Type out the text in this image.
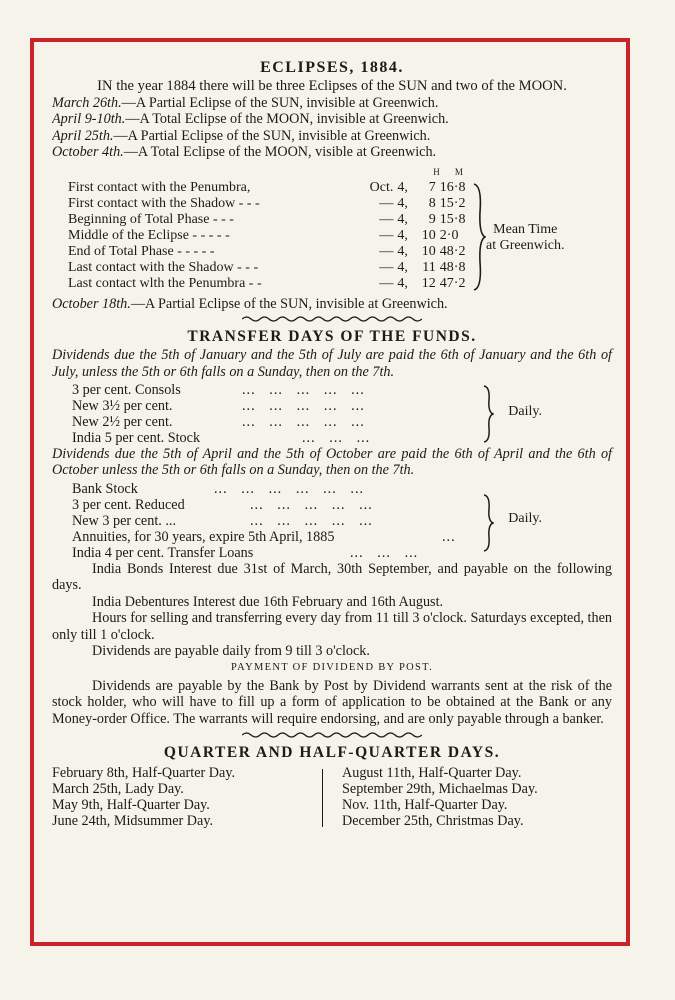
ECLIPSES, 1884.

IN the year 1884 there will be three Eclipses of the SUN and two of the MOON.

March 26th.—A Partial Eclipse of the SUN, invisible at Greenwich.
April 9-10th.—A Total Eclipse of the MOON, invisible at Greenwich.
April 25th.—A Partial Eclipse of the SUN, invisible at Greenwich.
October 4th.—A Total Eclipse of the MOON, visible at Greenwich.
			H	M
First contact with the Penumbra,	Oct.	4,	7	16·8
First contact with the Shadow - - -	—	4,	8	15·2
Beginning of Total Phase - - -	—	4,	9	15·8
Middle of the Eclipse - - - - -	—	4,	10	2·0
End of Total Phase - - - - -	—	4,	10	48·2
Last contact with the Shadow - - -	—	4,	11	48·8
Last contact wlth the Penumbra - -	—	4,	12	47·2
Mean Time
at Greenwich.
October 18th.—A Partial Eclipse of the SUN, invisible at Greenwich.
TRANSFER DAYS OF THE FUNDS.

Dividends due the 5th of January and the 5th of July are paid the 6th of January and the 6th of July, unless the 5th or 6th falls on a Sunday, then on the 7th.

3 per cent. Consols	...   ...   ...   ...   ...
New 3½ per cent.	...   ...   ...   ...   ...
New 2½ per cent.	...   ...   ...   ...   ...
India 5 per cent. Stock	...   ...   ...
Daily.

Dividends due the 5th of April and the 5th of October are paid the 6th of April and the 6th of October unless the 5th or 6th falls on a Sunday, then on the 7th.

Bank Stock	...   ...   ...   ...   ...   ...
3 per cent. Reduced	...   ...   ...   ...   ...
New 3 per cent. ...	...   ...   ...   ...   ...
Annuities, for 30 years, expire 5th April, 1885	...
India 4 per cent. Transfer Loans	...   ...   ...
Daily.

India Bonds Interest due 31st of March, 30th September, and payable on the following days.

India Debentures Interest due 16th February and 16th August.

Hours for selling and transferring every day from 11 till 3 o'clock. Saturdays excepted, then only till 1 o'clock.

Dividends are payable daily from 9 till 3 o'clock.

PAYMENT OF DIVIDEND BY POST.

Dividends are payable by the Bank by Post by Dividend warrants sent at the risk of the stock holder, who will have to fill up a form of application to be obtained at the Bank or any Money-order Office. The warrants will require endorsing, and are only payable through a banker.

QUARTER AND HALF-QUARTER DAYS.
February 8th, Half-Quarter Day.
March 25th, Lady Day.
May 9th, Half-Quarter Day.
June 24th, Midsummer Day.
August 11th, Half-Quarter Day.
September 29th, Michaelmas Day.
Nov. 11th, Half-Quarter Day.
December 25th, Christmas Day.
